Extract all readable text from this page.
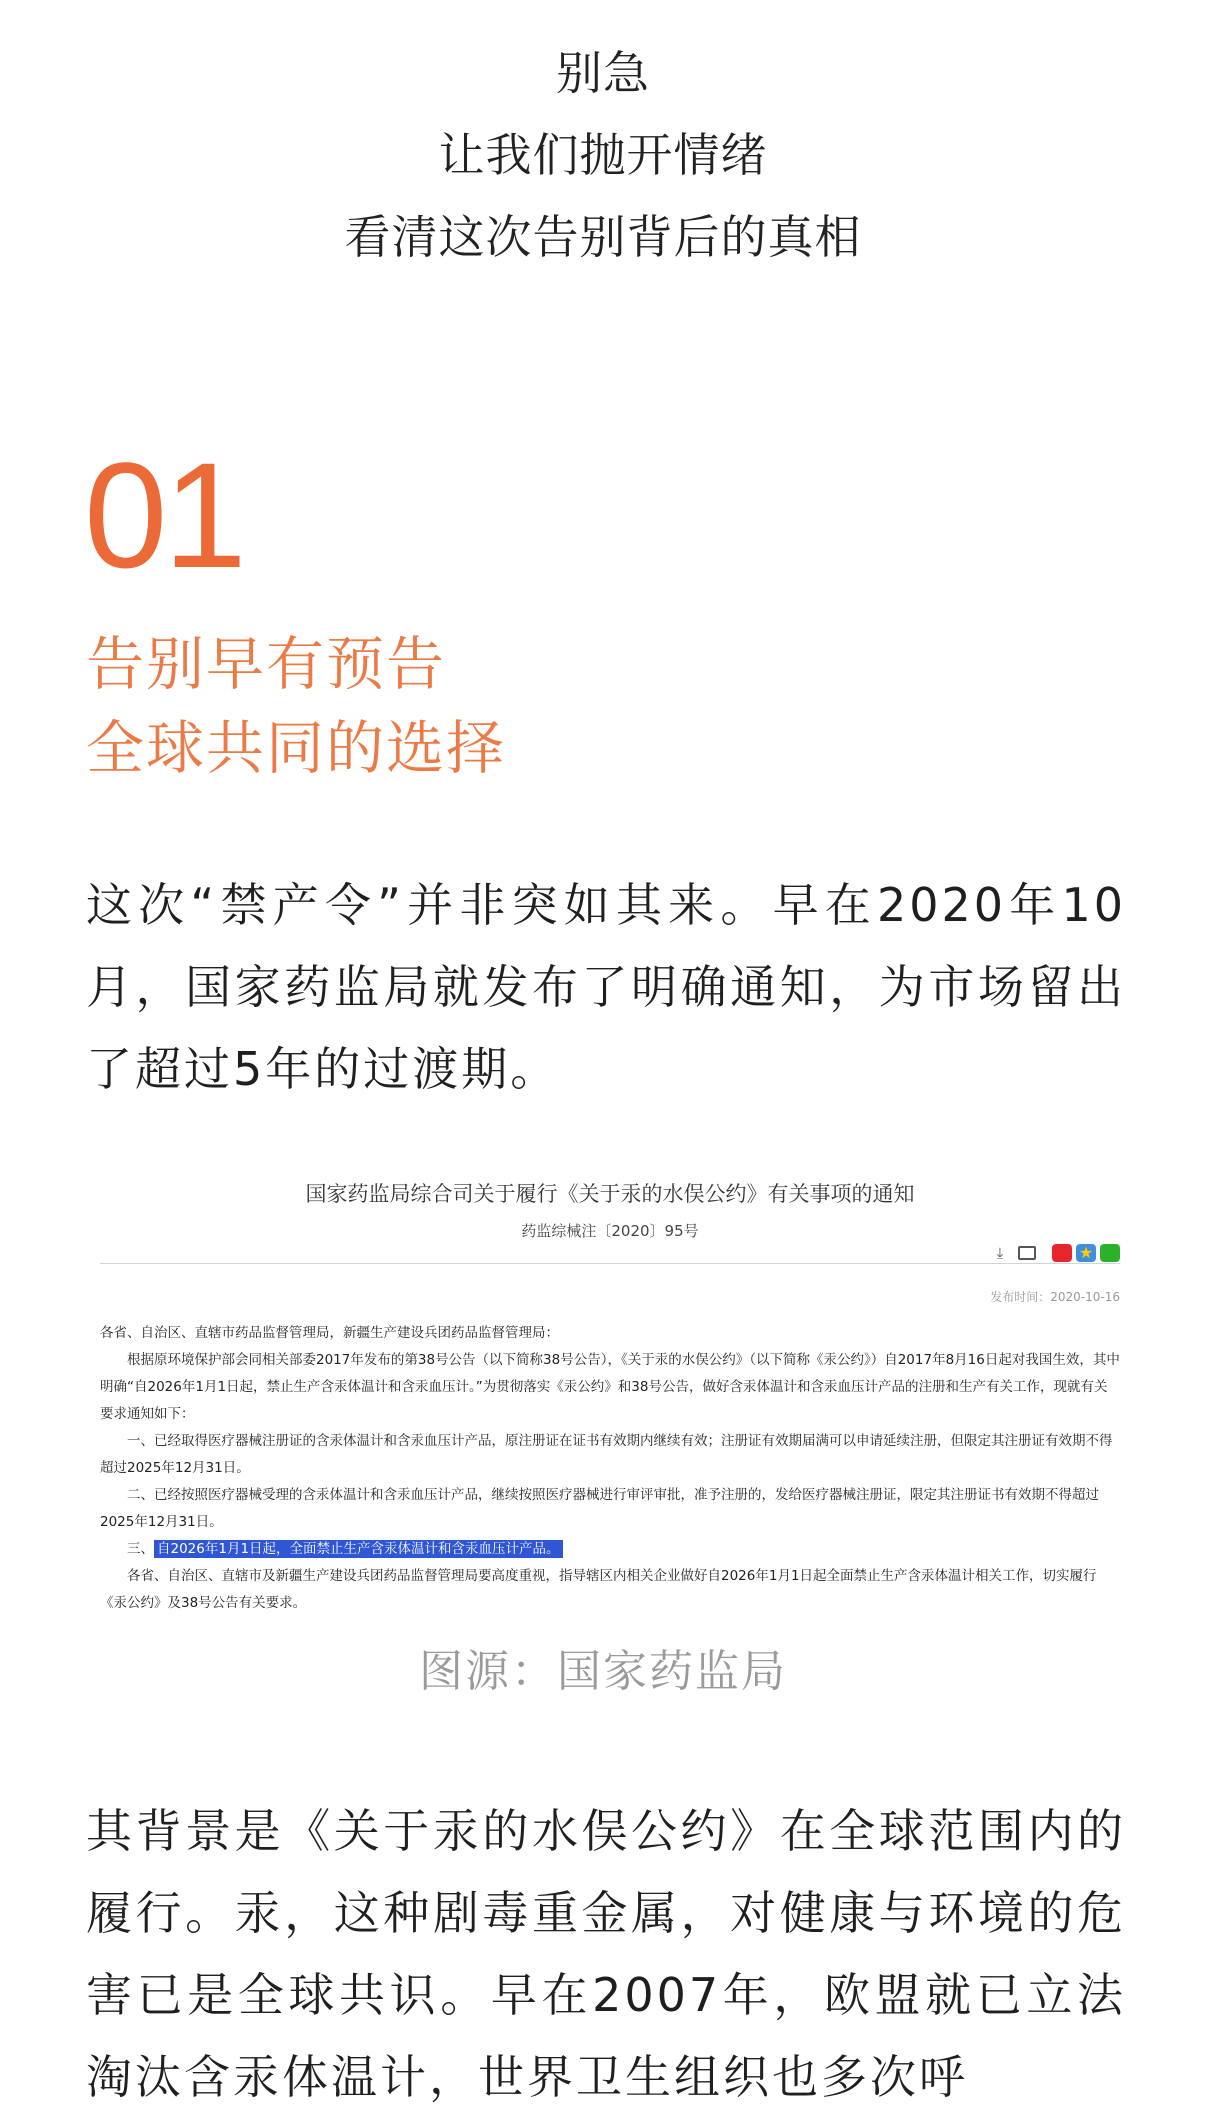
别急
让我们抛开情绪
看清这次告别背后的真相
01
告别早有预告
全球共同的选择
这次“禁产令”并非突如其来。早在2020年10月，国家药监局就发布了明确通知，为市场留出了超过5年的过渡期。
国家药监局综合司关于履行《关于汞的水俣公约》有关事项的通知
药监综械注〔2020〕95号
⤓	★
发布时间：2020-10-16

各省、自治区、直辖市药品监督管理局，新疆生产建设兵团药品监督管理局：

根据原环境保护部会同相关部委2017年发布的第38号公告（以下简称38号公告），《关于汞的水俣公约》（以下简称《汞公约》）自2017年8月16日起对我国生效，其中明确“自2026年1月1日起，禁止生产含汞体温计和含汞血压计。”为贯彻落实《汞公约》和38号公告，做好含汞体温计和含汞血压计产品的注册和生产有关工作，现就有关要求通知如下：

一、已经取得医疗器械注册证的含汞体温计和含汞血压计产品，原注册证在证书有效期内继续有效；注册证有效期届满可以申请延续注册，但限定其注册证有效期不得超过2025年12月31日。

二、已经按照医疗器械受理的含汞体温计和含汞血压计产品，继续按照医疗器械进行审评审批，准予注册的，发给医疗器械注册证，限定其注册证书有效期不得超过2025年12月31日。

三、 自2026年1月1日起，全面禁止生产含汞体温计和含汞血压计产品。

各省、自治区、直辖市及新疆生产建设兵团药品监督管理局要高度重视，指导辖区内相关企业做好自2026年1月1日起全面禁止生产含汞体温计相关工作，切实履行《汞公约》及38号公告有关要求。

图源：国家药监局
其背景是《关于汞的水俣公约》在全球范围内的履行。汞，这种剧毒重金属，对健康与环境的危害已是全球共识。早在2007年，欧盟就已立法淘汰含汞体温计，世界卫生组织也多次呼
